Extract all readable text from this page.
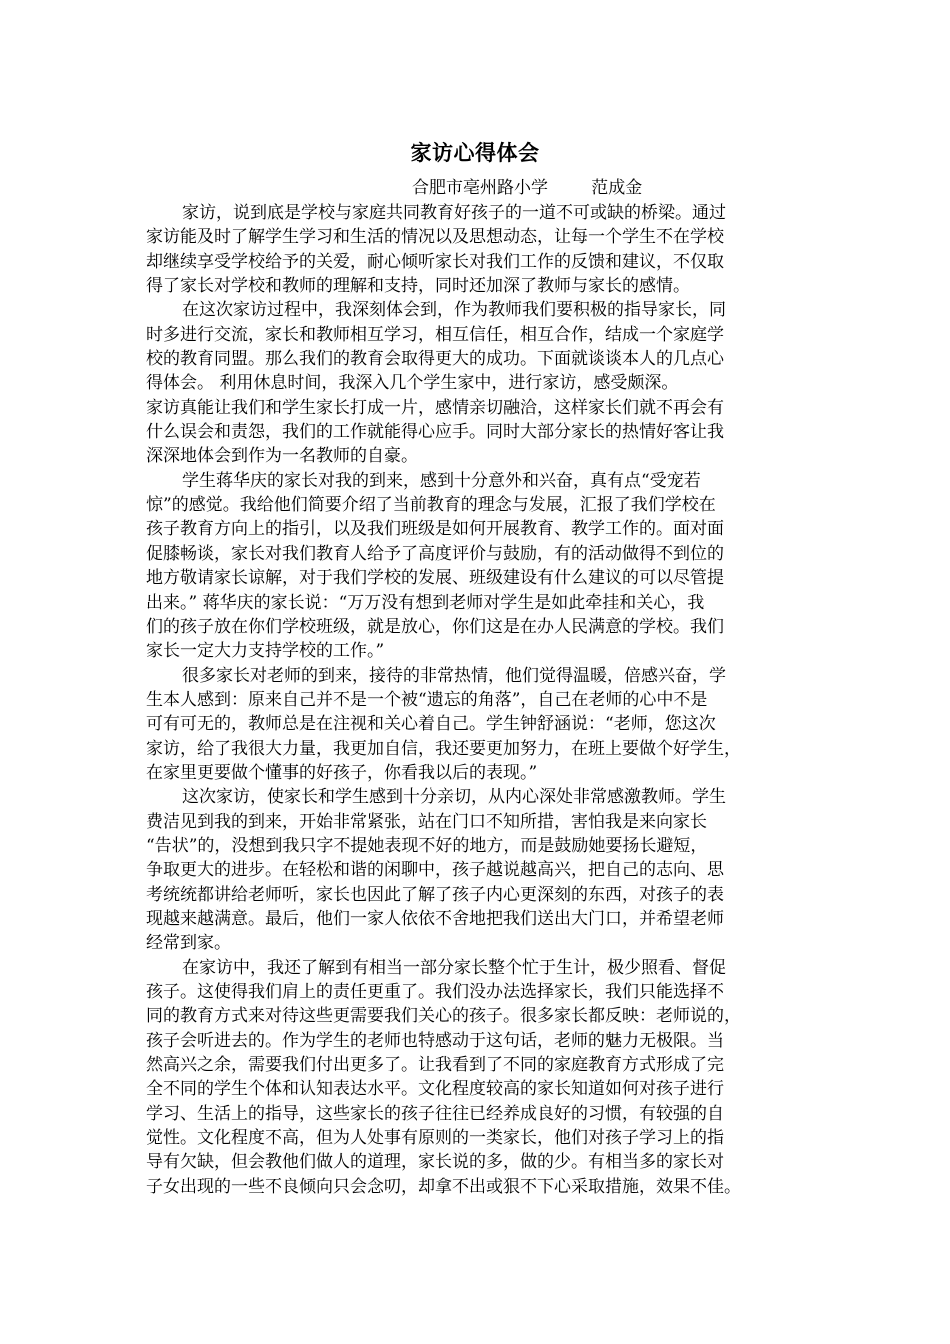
家访心得体会
合肥市亳州路小学        范成金
家访，说到底是学校与家庭共同教育好孩子的一道不可或缺的桥梁。通过
家访能及时了解学生学习和生活的情况以及思想动态，让每一个学生不在学校
却继续享受学校给予的关爱，耐心倾听家长对我们工作的反馈和建议，不仅取
得了家长对学校和教师的理解和支持，同时还加深了教师与家长的感情。
在这次家访过程中，我深刻体会到，作为教师我们要积极的指导家长，同
时多进行交流，家长和教师相互学习，相互信任，相互合作，结成一个家庭学
校的教育同盟。那么我们的教育会取得更大的成功。下面就谈谈本人的几点心
得体会。 利用休息时间，我深入几个学生家中，进行家访，感受颇深。
家访真能让我们和学生家长打成一片，感情亲切融洽，这样家长们就不再会有
什么误会和责怨，我们的工作就能得心应手。同时大部分家长的热情好客让我
深深地体会到作为一名教师的自豪。
学生蒋华庆的家长对我的到来，感到十分意外和兴奋，真有点“受宠若
惊”的感觉。我给他们简要介绍了当前教育的理念与发展，汇报了我们学校在
孩子教育方向上的指引，以及我们班级是如何开展教育、教学工作的。面对面
促膝畅谈，家长对我们教育人给予了高度评价与鼓励，有的活动做得不到位的
地方敬请家长谅解，对于我们学校的发展、班级建设有什么建议的可以尽管提
出来。” 蒋华庆的家长说：“万万没有想到老师对学生是如此牵挂和关心，我
们的孩子放在你们学校班级，就是放心，你们这是在办人民满意的学校。我们
家长一定大力支持学校的工作。”
很多家长对老师的到来，接待的非常热情，他们觉得温暖，倍感兴奋，学
生本人感到：原来自己并不是一个被“遗忘的角落”，自己在老师的心中不是
可有可无的，教师总是在注视和关心着自己。学生钟舒涵说：“老师，您这次
家访，给了我很大力量，我更加自信，我还要更加努力，在班上要做个好学生，
在家里更要做个懂事的好孩子，你看我以后的表现。”
这次家访，使家长和学生感到十分亲切，从内心深处非常感激教师。学生
费洁见到我的到来，开始非常紧张，站在门口不知所措，害怕我是来向家长
“告状”的，没想到我只字不提她表现不好的地方，而是鼓励她要扬长避短，
争取更大的进步。在轻松和谐的闲聊中，孩子越说越高兴，把自己的志向、思
考统统都讲给老师听，家长也因此了解了孩子内心更深刻的东西，对孩子的表
现越来越满意。最后，他们一家人依依不舍地把我们送出大门口，并希望老师
经常到家。
在家访中，我还了解到有相当一部分家长整个忙于生计，极少照看、督促
孩子。这使得我们肩上的责任更重了。我们没办法选择家长，我们只能选择不
同的教育方式来对待这些更需要我们关心的孩子。很多家长都反映：老师说的，
孩子会听进去的。作为学生的老师也特感动于这句话，老师的魅力无极限。当
然高兴之余，需要我们付出更多了。让我看到了不同的家庭教育方式形成了完
全不同的学生个体和认知表达水平。文化程度较高的家长知道如何对孩子进行
学习、生活上的指导，这些家长的孩子往往已经养成良好的习惯，有较强的自
觉性。文化程度不高，但为人处事有原则的一类家长，他们对孩子学习上的指
导有欠缺，但会教他们做人的道理，家长说的多，做的少。有相当多的家长对
子女出现的一些不良倾向只会念叨，却拿不出或狠不下心采取措施，效果不佳。
